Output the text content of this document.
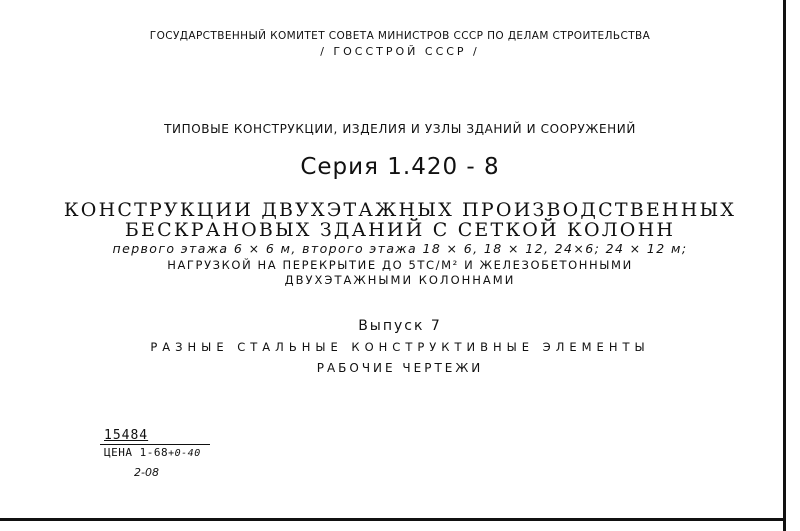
ГОСУДАРСТВЕННЫЙ КОМИТЕТ СОВЕТА МИНИСТРОВ СССР ПО ДЕЛАМ СТРОИТЕЛЬСТВА

/ ГОССТРОЙ СССР /

ТИПОВЫЕ КОНСТРУКЦИИ, ИЗДЕЛИЯ И УЗЛЫ ЗДАНИЙ И СООРУЖЕНИЙ

Серия 1.420 - 8

КОНСТРУКЦИИ ДВУХЭТАЖНЫХ ПРОИЗВОДСТВЕННЫХ

БЕСКРАНОВЫХ ЗДАНИЙ С СЕТКОЙ КОЛОНН

первого этажа 6 × 6 м, второго этажа 18 × 6, 18 × 12, 24×6; 24 × 12 м;

НАГРУЗКОЙ НА ПЕРЕКРЫТИЕ ДО 5ТС/М² И ЖЕЛЕЗОБЕТОННЫМИ

ДВУХЭТАЖНЫМИ КОЛОННАМИ

Выпуск 7

РАЗНЫЕ СТАЛЬНЫЕ КОНСТРУКТИВНЫЕ ЭЛЕМЕНТЫ

РАБОЧИЕ ЧЕРТЕЖИ

15484
ЦЕНА 1-68+0-40
2-08
